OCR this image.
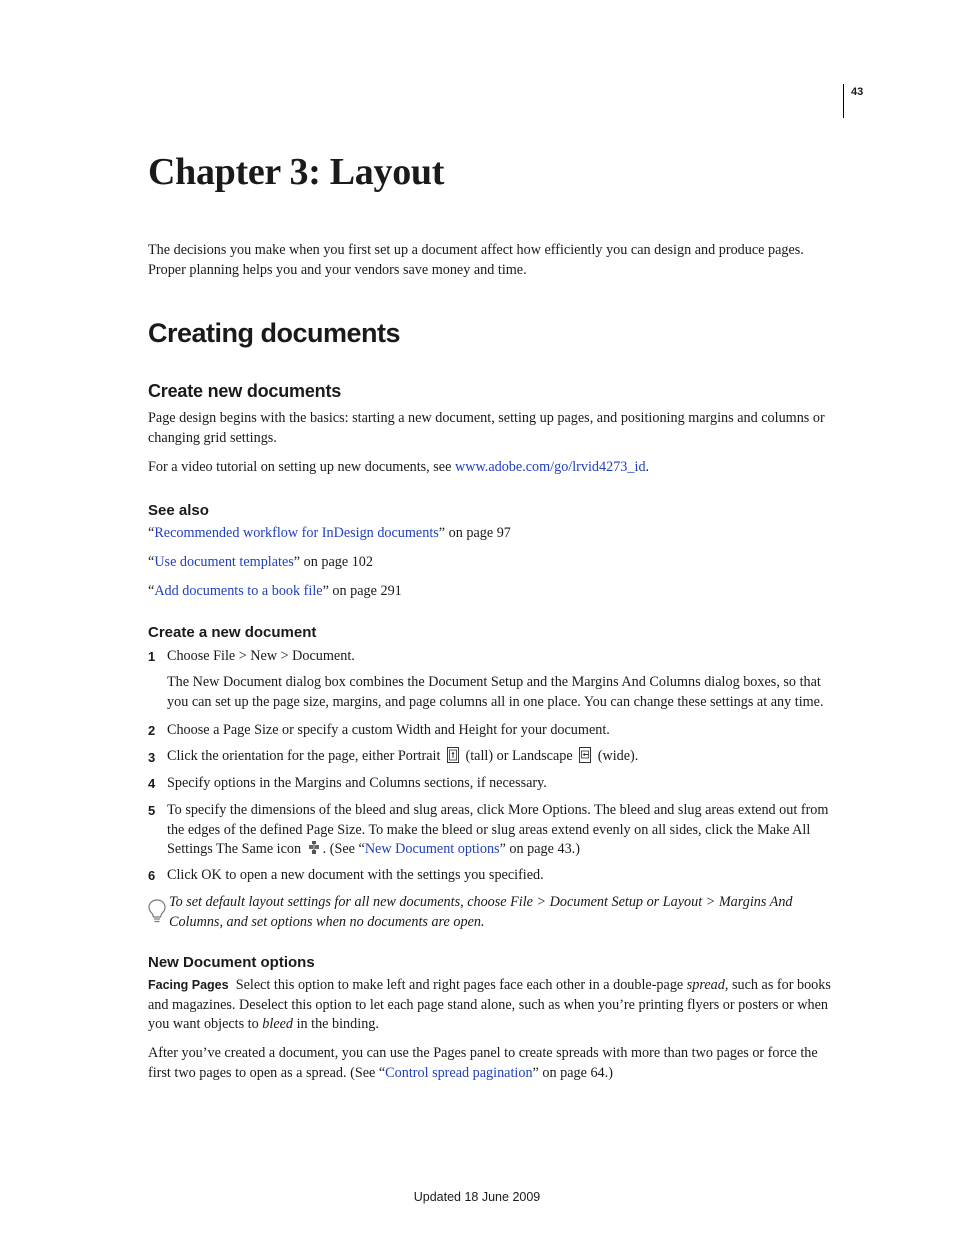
43
Chapter 3: Layout
The decisions you make when you first set up a document affect how efficiently you can design and produce pages. Proper planning helps you and your vendors save money and time.
Creating documents
Create new documents
Page design begins with the basics: starting a new document, setting up pages, and positioning margins and columns or changing grid settings.
For a video tutorial on setting up new documents, see www.adobe.com/go/lrvid4273_id.
See also
“Recommended workflow for InDesign documents” on page 97
“Use document templates” on page 102
“Add documents to a book file” on page 291
Create a new document
1 Choose File > New > Document.
The New Document dialog box combines the Document Setup and the Margins And Columns dialog boxes, so that you can set up the page size, margins, and page columns all in one place. You can change these settings at any time.
2 Choose a Page Size or specify a custom Width and Height for your document.
3 Click the orientation for the page, either Portrait  (tall) or Landscape  (wide).
4 Specify options in the Margins and Columns sections, if necessary.
5 To specify the dimensions of the bleed and slug areas, click More Options. The bleed and slug areas extend out from the edges of the defined Page Size. To make the bleed or slug areas extend evenly on all sides, click the Make All Settings The Same icon . (See “New Document options” on page 43.)
6 Click OK to open a new document with the settings you specified.
To set default layout settings for all new documents, choose File > Document Setup or Layout > Margins And Columns, and set options when no documents are open.
New Document options
Facing Pages Select this option to make left and right pages face each other in a double-page spread, such as for books and magazines. Deselect this option to let each page stand alone, such as when you’re printing flyers or posters or when you want objects to bleed in the binding.
After you’ve created a document, you can use the Pages panel to create spreads with more than two pages or force the first two pages to open as a spread. (See “Control spread pagination” on page 64.)
Updated 18 June 2009
